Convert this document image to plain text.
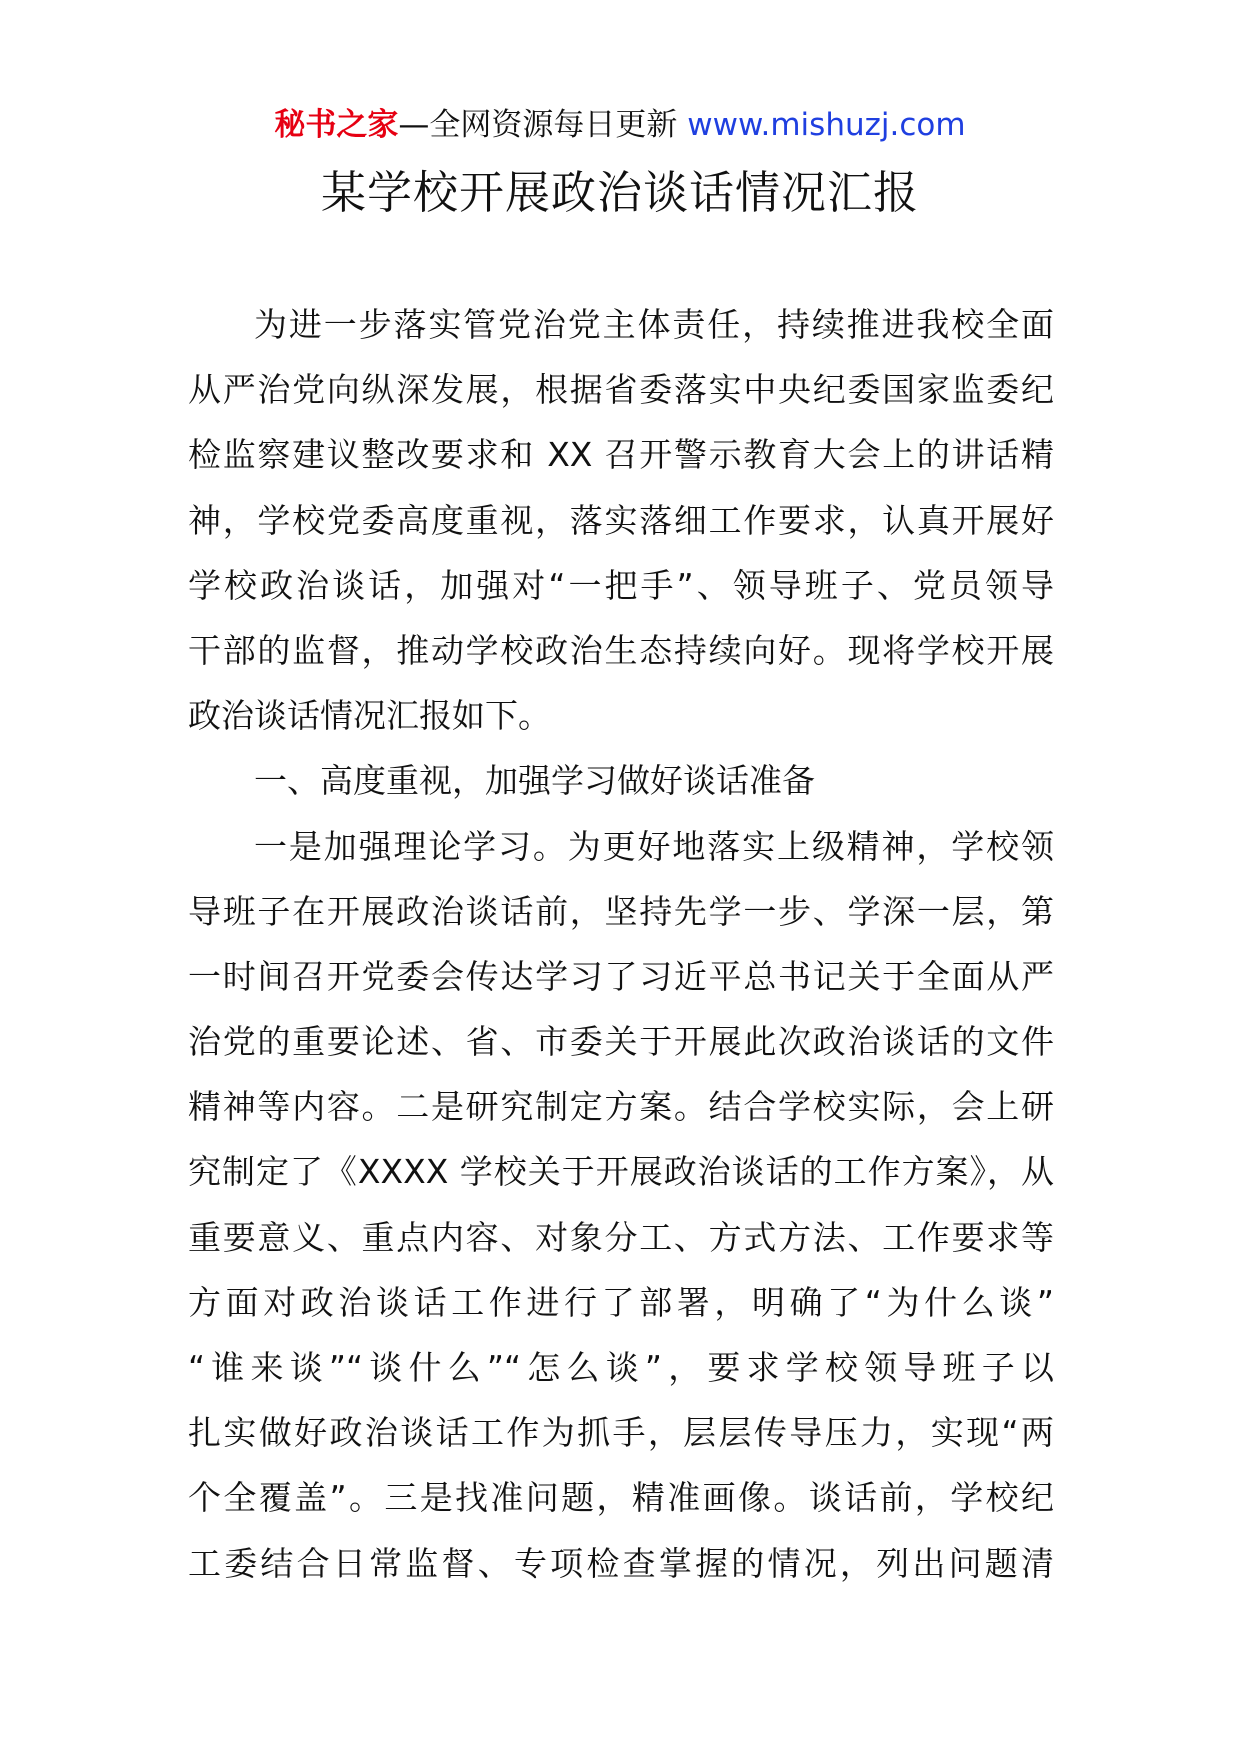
秘书之家—全网资源每日更新 www.mishuzj.com
某学校开展政治谈话情况汇报
为进一步落实管党治党主体责任，持续推进我校全面
从严治党向纵深发展，根据省委落实中央纪委国家监委纪
检监察建议整改要求和 XX 召开警示教育大会上的讲话精
神，学校党委高度重视，落实落细工作要求，认真开展好
学校政治谈话，加强对“一把手”、领导班子、党员领导
干部的监督，推动学校政治生态持续向好。现将学校开展
政治谈话情况汇报如下。
一、高度重视，加强学习做好谈话准备
一是加强理论学习。为更好地落实上级精神，学校领
导班子在开展政治谈话前，坚持先学一步、学深一层，第
一时间召开党委会传达学习了习近平总书记关于全面从严
治党的重要论述、省、市委关于开展此次政治谈话的文件
精神等内容。二是研究制定方案。结合学校实际，会上研
究制定了《XXXX 学校关于开展政治谈话的工作方案》，从
重要意义、重点内容、对象分工、方式方法、工作要求等
方面对政治谈话工作进行了部署，明确了“为什么谈”
“谁来谈”“谈什么”“怎么谈”，要求学校领导班子以
扎实做好政治谈话工作为抓手，层层传导压力，实现“两
个全覆盖”。三是找准问题，精准画像。谈话前，学校纪
工委结合日常监督、专项检查掌握的情况，列出问题清
